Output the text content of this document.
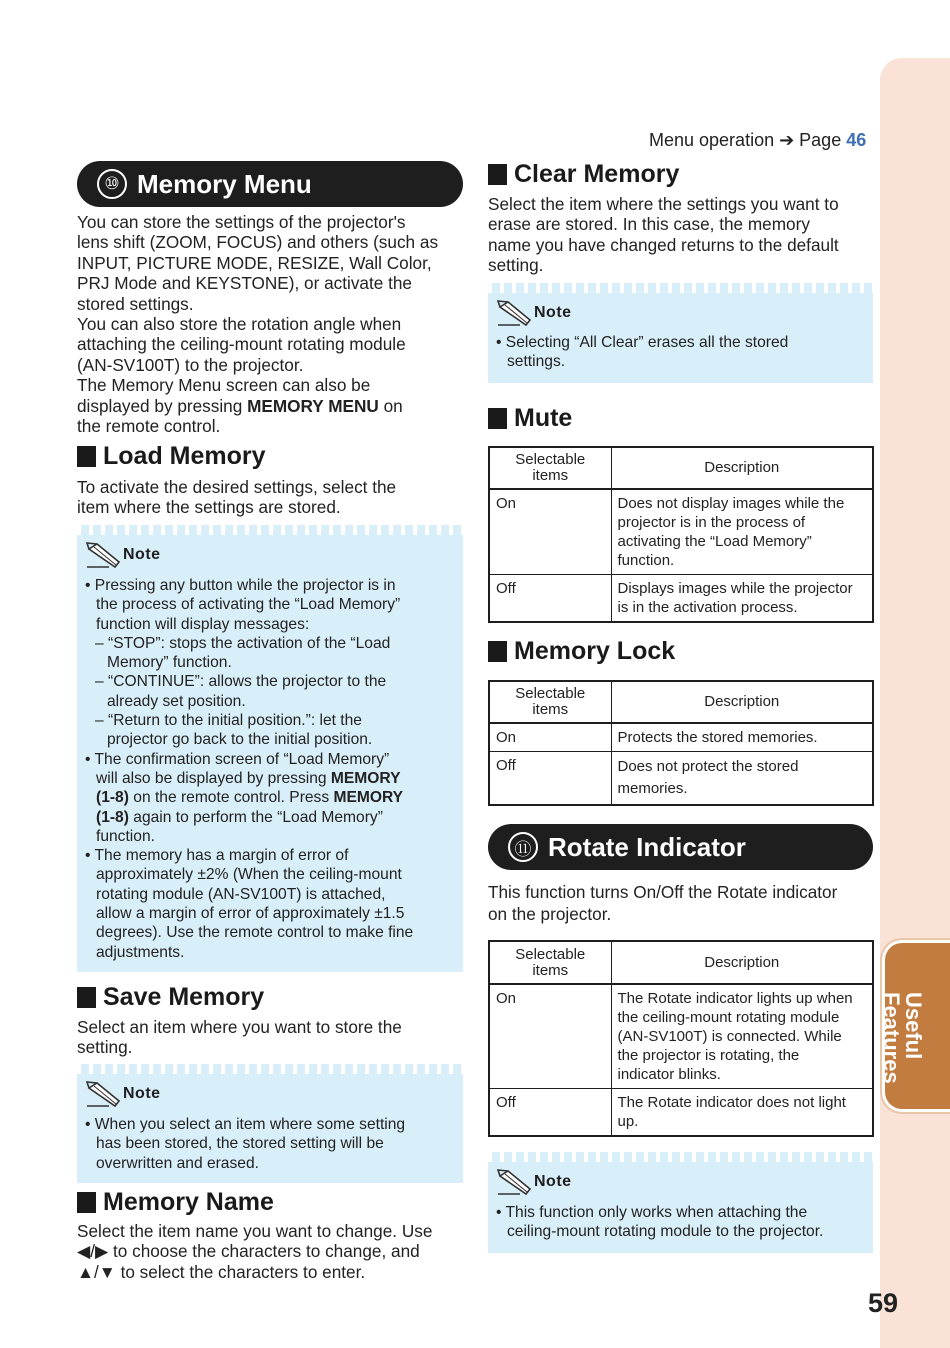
Useful
Features
Menu operation ➔ Page 46
⑩ Memory Menu
You can store the settings of the projector's
lens shift (ZOOM, FOCUS) and others (such as
INPUT, PICTURE MODE, RESIZE, Wall Color,
PRJ Mode and KEYSTONE), or activate the
stored settings.
You can also store the rotation angle when
attaching the ceiling-mount rotating module
(AN-SV100T) to the projector.
The Memory Menu screen can also be
displayed by pressing MEMORY MENU on
the remote control.
Load Memory
To activate the desired settings, select the
item where the settings are stored.
Note
• Pressing any button while the projector is in
the process of activating the “Load Memory”
function will display messages:
– “STOP”: stops the activation of the “Load
Memory” function.
– “CONTINUE”: allows the projector to the
already set position.
– “Return to the initial position.”: let the
projector go back to the initial position.
• The confirmation screen of “Load Memory”
will also be displayed by pressing MEMORY
(1-8) on the remote control. Press MEMORY
(1-8) again to perform the “Load Memory”
function.
• The memory has a margin of error of
approximately ±2% (When the ceiling-mount
rotating module (AN-SV100T) is attached,
allow a margin of error of approximately ±1.5
degrees). Use the remote control to make fine
adjustments.
Save Memory
Select an item where you want to store the
setting.
Note
• When you select an item where some setting
has been stored, the stored setting will be
overwritten and erased.
Memory Name
Select the item name you want to change. Use
◀/▶ to choose the characters to change, and
▲/▼ to select the characters to enter.
Clear Memory
Select the item where the settings you want to
erase are stored. In this case, the memory
name you have changed returns to the default
setting.
Note
• Selecting “All Clear” erases all the stored
settings.
Mute
Selectable
items	Description
On	Does not display images while the
projector is in the process of
activating the “Load Memory”
function.
Off	Displays images while the projector
is in the activation process.
Memory Lock
Selectable
items	Description
On	Protects the stored memories.
Off	Does not protect the stored
memories.
⑪ Rotate Indicator
This function turns On/Off the Rotate indicator
on the projector.
Selectable
items	Description
On	The Rotate indicator lights up when
the ceiling-mount rotating module
(AN-SV100T) is connected. While
the projector is rotating, the
indicator blinks.
Off	The Rotate indicator does not light
up.
Note
• This function only works when attaching the
ceiling-mount rotating module to the projector.
59
